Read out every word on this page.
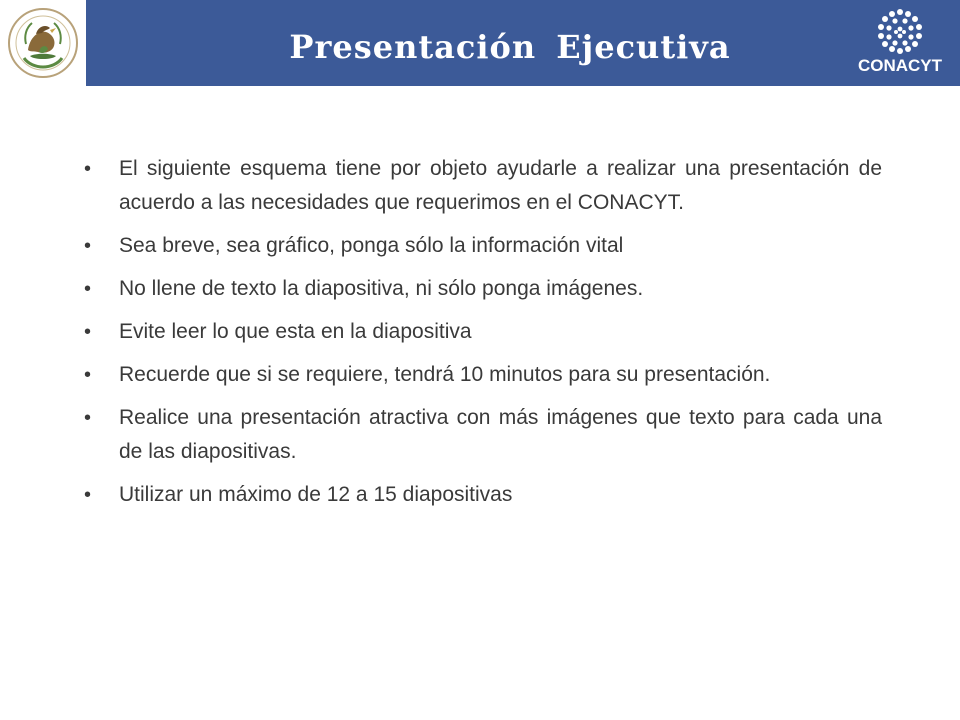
Presentación Ejecutiva	CONACYT
• El siguiente esquema tiene por objeto ayudarle a realizar una presentación de acuerdo a las necesidades que requerimos en el CONACYT.
• Sea breve, sea gráfico, ponga sólo la información vital
• No llene de texto la diapositiva, ni sólo ponga imágenes.
• Evite leer lo que esta en la diapositiva
• Recuerde que si se requiere, tendrá 10 minutos para su presentación.
• Realice una presentación atractiva con más imágenes que texto para cada una de las diapositivas.
• Utilizar un máximo de 12 a 15 diapositivas
